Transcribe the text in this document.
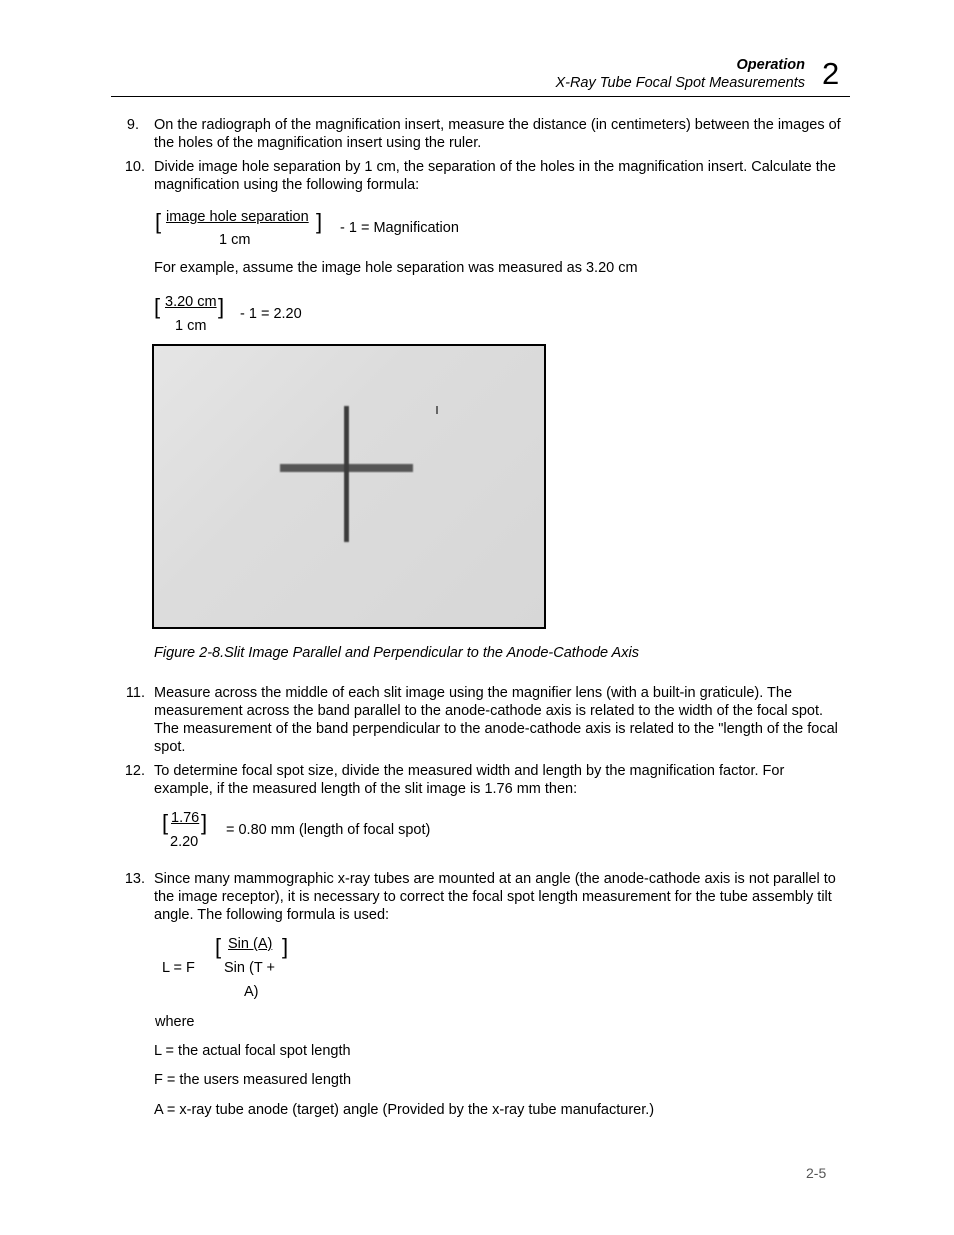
Operation
X-Ray Tube Focal Spot Measurements 2
9. On the radiograph of the magnification insert, measure the distance (in centimeters) between the images of the holes of the magnification insert using the ruler.
10. Divide image hole separation by 1 cm, the separation of the holes in the magnification insert. Calculate the magnification using the following formula:
[ image hole separation ]
1 cm
- 1 = Magnification
For example, assume the image hole separation was measured as 3.20 cm
[ 3.20 cm ]
1 cm
- 1 = 2.20
Figure 2-8.Slit Image Parallel and Perpendicular to the Anode-Cathode Axis
11. Measure across the middle of each slit image using the magnifier lens (with a built-in graticule). The measurement across the band parallel to the anode-cathode axis is related to the width of the focal spot. The measurement of the band perpendicular to the anode-cathode axis is related to the "length of the focal spot.
12. To determine focal spot size, divide the measured width and length by the magnification factor. For example, if the measured length of the slit image is 1.76 mm then:
[ 1.76 ]
2.20
= 0.80 mm (length of focal spot)
13. Since many mammographic x-ray tubes are mounted at an angle (the anode-cathode axis is not parallel to the image receptor), it is necessary to correct the focal spot length measurement for the tube assembly tilt angle. The following formula is used:
L = F
[ Sin (A) ]
Sin (T +
A)
where
L = the actual focal spot length
F = the users measured length
A = x-ray tube anode (target) angle (Provided by the x-ray tube manufacturer.)
2-5
